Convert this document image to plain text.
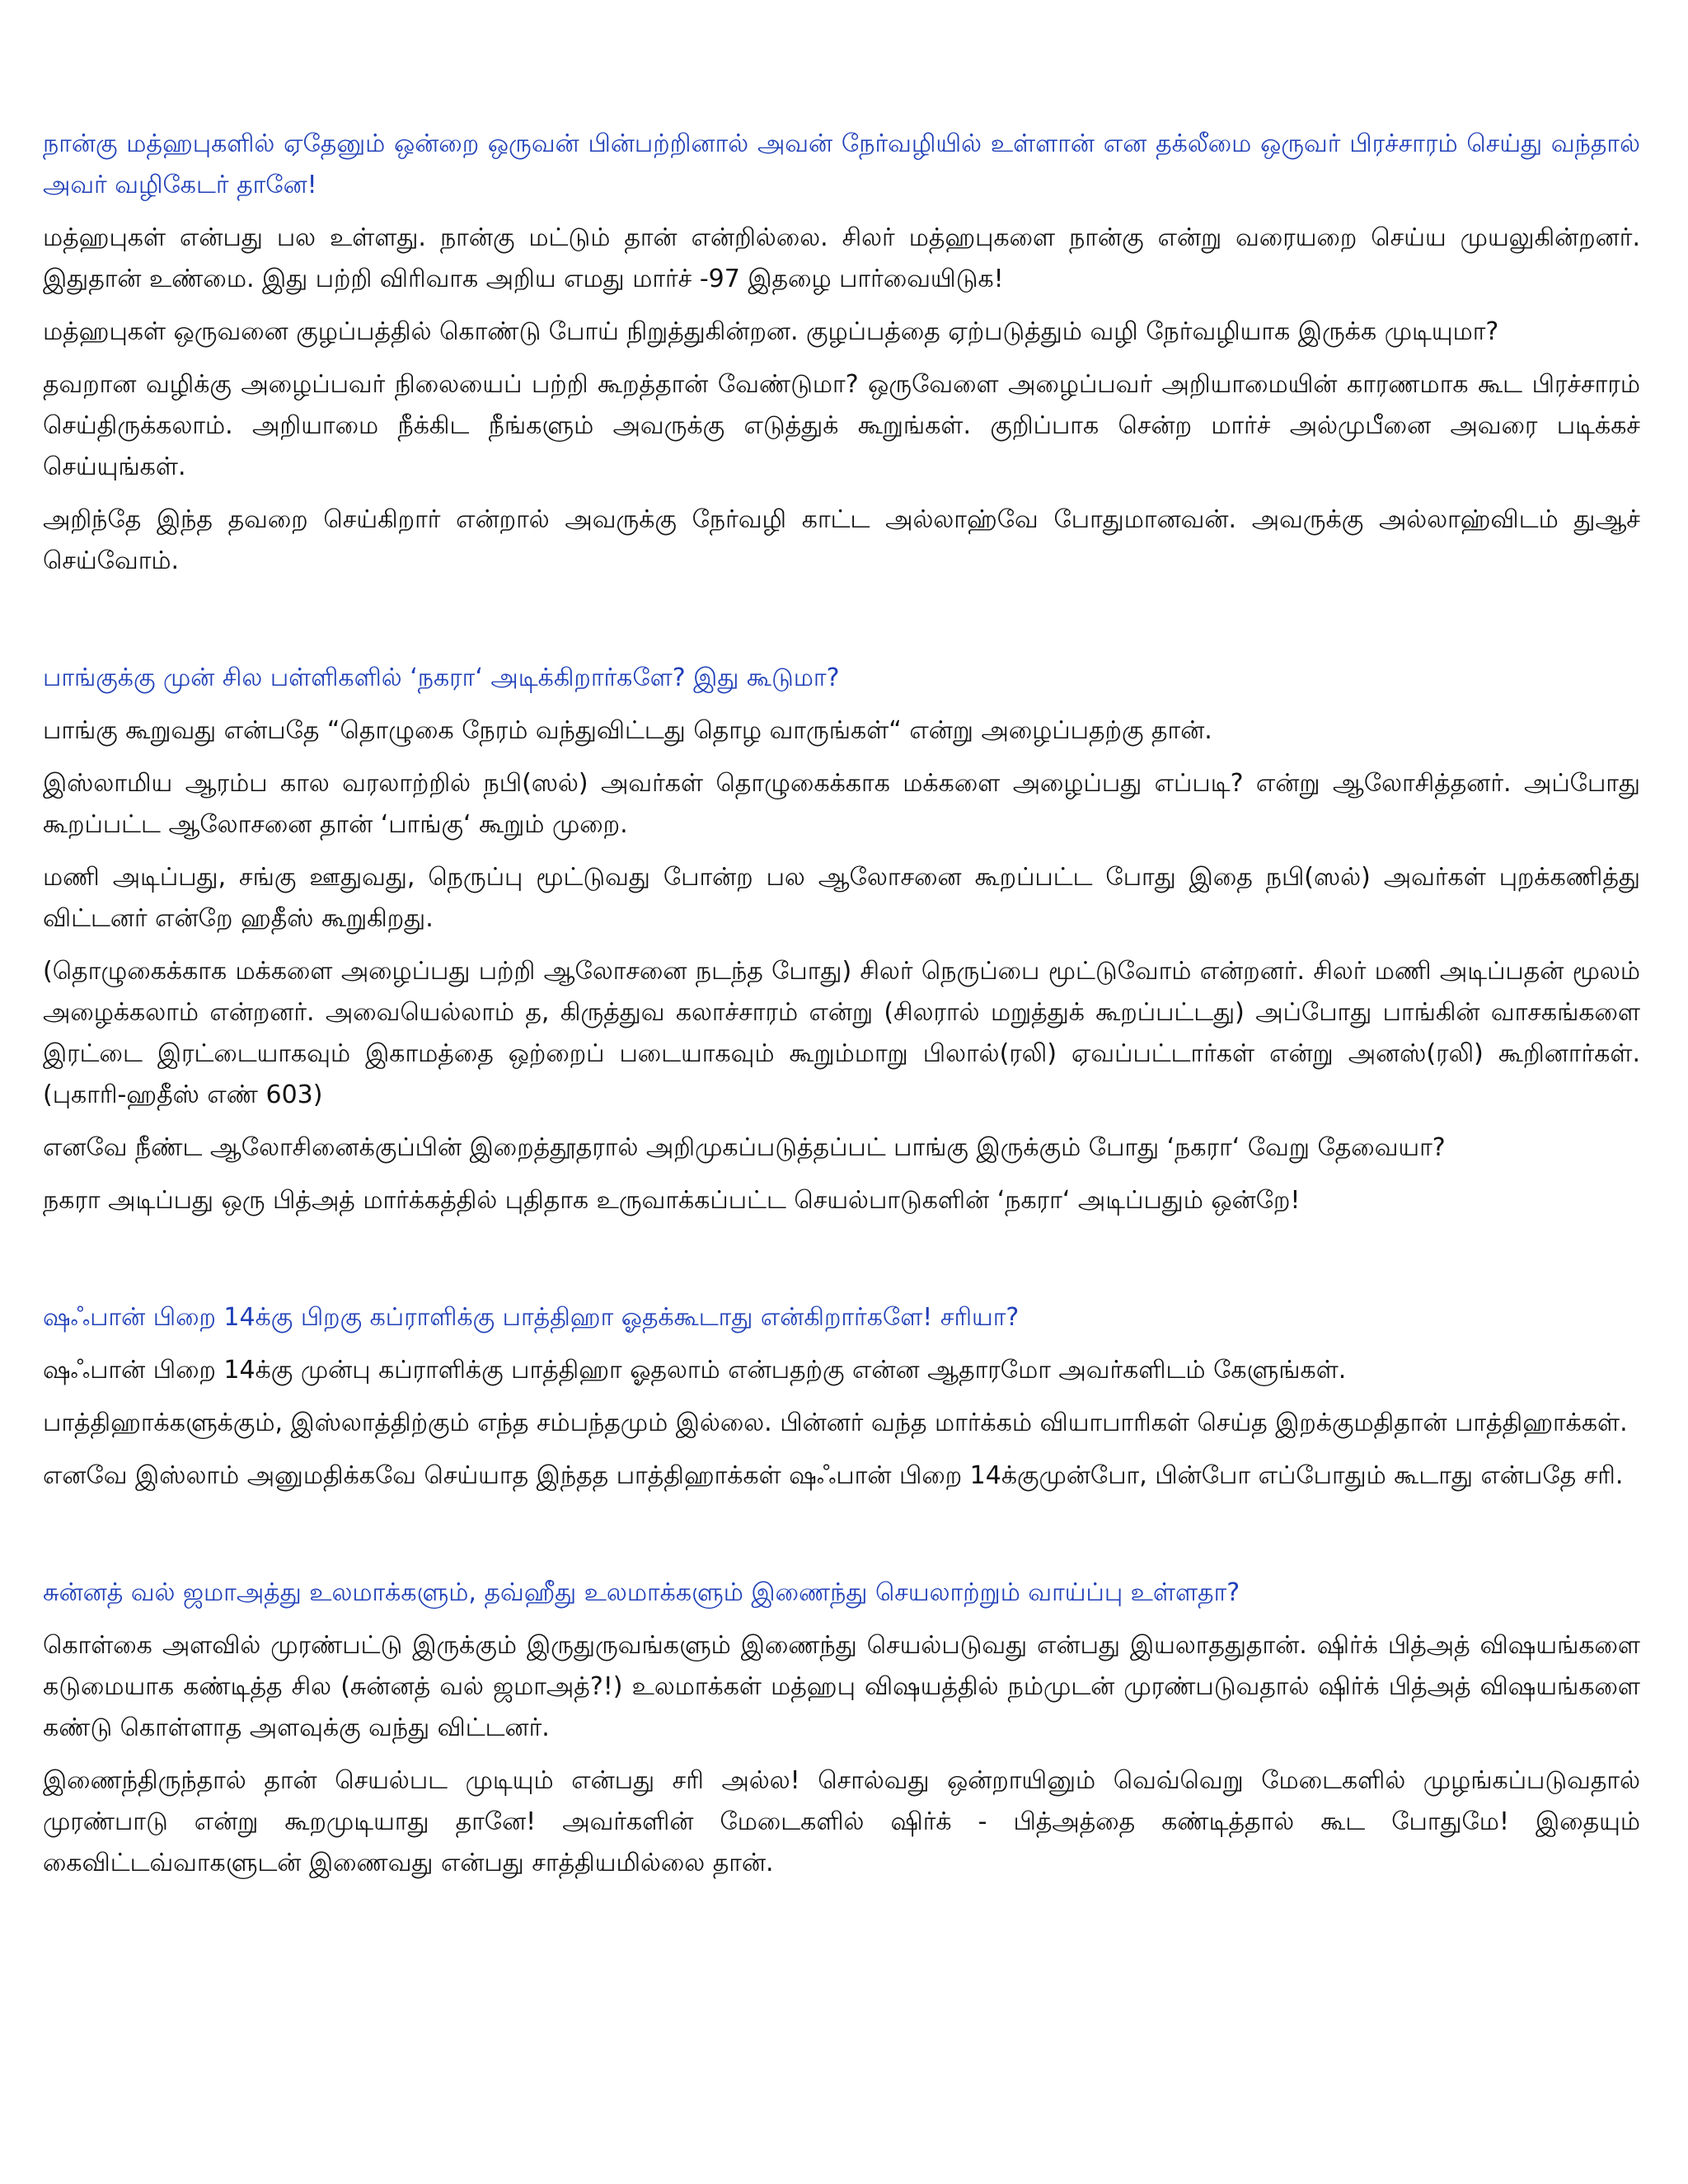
நான்கு மத்ஹபுகளில் ஏதேனும் ஒன்றை ஒருவன் பின்பற்றினால் அவன் நேர்வழியில் உள்ளான் என தக்லீமை ஒருவர் பிரச்சாரம் செய்து வந்தால் அவர் வழிகேடர் தானே!
மத்ஹபுகள் என்பது பல உள்ளது. நான்கு மட்டும் தான் என்றில்லை. சிலர் மத்ஹபுகளை நான்கு என்று வரையறை செய்ய முயலுகின்றனர். இதுதான் உண்மை. இது பற்றி விரிவாக அறிய எமது மார்ச் -97 இதழை பார்வையிடுக!
மத்ஹபுகள் ஒருவனை குழப்பத்தில் கொண்டு போய் நிறுத்துகின்றன. குழப்பத்தை ஏற்படுத்தும் வழி நேர்வழியாக இருக்க முடியுமா?
தவறான வழிக்கு அழைப்பவர் நிலையைப் பற்றி கூறத்தான் வேண்டுமா? ஒருவேளை அழைப்பவர் அறியாமையின் காரணமாக கூட பிரச்சாரம் செய்திருக்கலாம். அறியாமை நீக்கிட நீங்களும் அவருக்கு எடுத்துக் கூறுங்கள். குறிப்பாக சென்ற மார்ச் அல்முபீனை அவரை படிக்கச் செய்யுங்கள்.
அறிந்தே இந்த தவறை செய்கிறார் என்றால் அவருக்கு நேர்வழி காட்ட அல்லாஹ்வே போதுமானவன். அவருக்கு அல்லாஹ்விடம் துஆச் செய்வோம்.
பாங்குக்கு முன் சில பள்ளிகளில் ‘நகரா‘ அடிக்கிறார்களே? இது கூடுமா?
பாங்கு கூறுவது என்பதே “தொழுகை நேரம் வந்துவிட்டது தொழ வாருங்கள்“ என்று அழைப்பதற்கு தான்.
இஸ்லாமிய ஆரம்ப கால வரலாற்றில் நபி(ஸல்) அவர்கள் தொழுகைக்காக மக்களை அழைப்பது எப்படி? என்று ஆலோசித்தனர். அப்போது கூறப்பட்ட ஆலோசனை தான் ‘பாங்கு‘ கூறும் முறை.
மணி அடிப்பது, சங்கு ஊதுவது, நெருப்பு மூட்டுவது போன்ற பல ஆலோசனை கூறப்பட்ட போது இதை நபி(ஸல்) அவர்கள் புறக்கணித்து விட்டனர் என்றே ஹதீஸ் கூறுகிறது.
(தொழுகைக்காக மக்களை அழைப்பது பற்றி ஆலோசனை நடந்த போது) சிலர் நெருப்பை மூட்டுவோம் என்றனர். சிலர் மணி அடிப்பதன் மூலம் அழைக்கலாம் என்றனர். அவையெல்லாம் த, கிருத்துவ கலாச்சாரம் என்று (சிலரால் மறுத்துக் கூறப்பட்டது) அப்போது பாங்கின் வாசகங்களை இரட்டை இரட்டையாகவும் இகாமத்தை ஒற்றைப் படையாகவும் கூறும்மாறு பிலால்(ரலி) ஏவப்பட்டார்கள் என்று அனஸ்(ரலி) கூறினார்கள். (புகாரி-ஹதீஸ் எண் 603)
எனவே நீண்ட ஆலோசினைக்குப்பின் இறைத்தூதரால் அறிமுகப்படுத்தப்பட் பாங்கு இருக்கும் போது ‘நகரா‘ வேறு தேவையா?
நகரா அடிப்பது ஒரு பித்அத் மார்க்கத்தில் புதிதாக உருவாக்கப்பட்ட செயல்பாடுகளின் ‘நகரா‘ அடிப்பதும் ஒன்றே!
ஷஃபான் பிறை 14க்கு பிறகு கப்ராளிக்கு பாத்திஹா ஓதக்கூடாது என்கிறார்களே! சரியா?
ஷஃபான் பிறை 14க்கு முன்பு கப்ராளிக்கு பாத்திஹா ஓதலாம் என்பதற்கு என்ன ஆதாரமோ அவர்களிடம் கேளுங்கள்.
பாத்திஹாக்களுக்கும், இஸ்லாத்திற்கும் எந்த சம்பந்தமும் இல்லை. பின்னர் வந்த மார்க்கம் வியாபாரிகள் செய்த இறக்குமதிதான் பாத்திஹாக்கள்.
எனவே இஸ்லாம் அனுமதிக்கவே செய்யாத இந்தத பாத்திஹாக்கள் ஷஃபான் பிறை 14க்குமுன்போ, பின்போ எப்போதும் கூடாது என்பதே சரி.
சுன்னத் வல் ஜமாஅத்து உலமாக்களும், தவ்ஹீது உலமாக்களும் இணைந்து செயலாற்றும் வாய்ப்பு உள்ளதா?
கொள்கை அளவில் முரண்பட்டு இருக்கும் இருதுருவங்களும் இணைந்து செயல்படுவது என்பது இயலாததுதான். ஷிர்க் பித்அத் விஷயங்களை கடுமையாக கண்டித்த சில (சுன்னத் வல் ஜமாஅத்?!) உலமாக்கள் மத்ஹபு விஷயத்தில் நம்முடன் முரண்படுவதால் ஷிர்க் பித்அத் விஷயங்களை கண்டு கொள்ளாத அளவுக்கு வந்து விட்டனர்.
இணைந்திருந்தால் தான் செயல்பட முடியும் என்பது சரி அல்ல! சொல்வது ஒன்றாயினும் வெவ்வெறு மேடைகளில் முழங்கப்படுவதால் முரண்பாடு என்று கூறமுடியாது தானே! அவர்களின் மேடைகளில் ஷிர்க் - பித்அத்தை கண்டித்தால் கூட போதுமே! இதையும் கைவிட்டவ்வாகளுடன் இணைவது என்பது சாத்தியமில்லை தான்.
